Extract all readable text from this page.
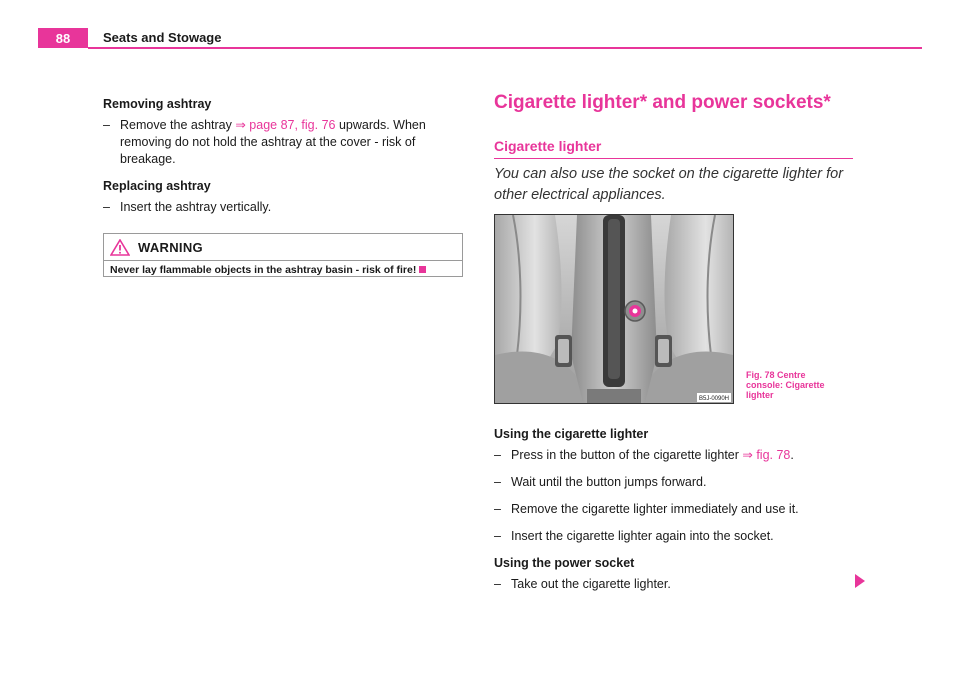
88	Seats and Stowage

Removing ashtray

– Remove the ashtray ⇒ page 87, fig. 76 upwards. When removing do not hold the ashtray at the cover - risk of breakage.

Replacing ashtray

– Insert the ashtray vertically.
WARNING
Never lay flammable objects in the ashtray basin - risk of fire!
Cigarette lighter* and power sockets*
Cigarette lighter
You can also use the socket on the cigarette lighter for other electrical appliances.
B5J-0090H
Fig. 78 Centre console: Cigarette lighter

Using the cigarette lighter

– Press in the button of the cigarette lighter ⇒ fig. 78.
– Wait until the button jumps forward.
– Remove the cigarette lighter immediately and use it.
– Insert the cigarette lighter again into the socket.

Using the power socket

– Take out the cigarette lighter.
